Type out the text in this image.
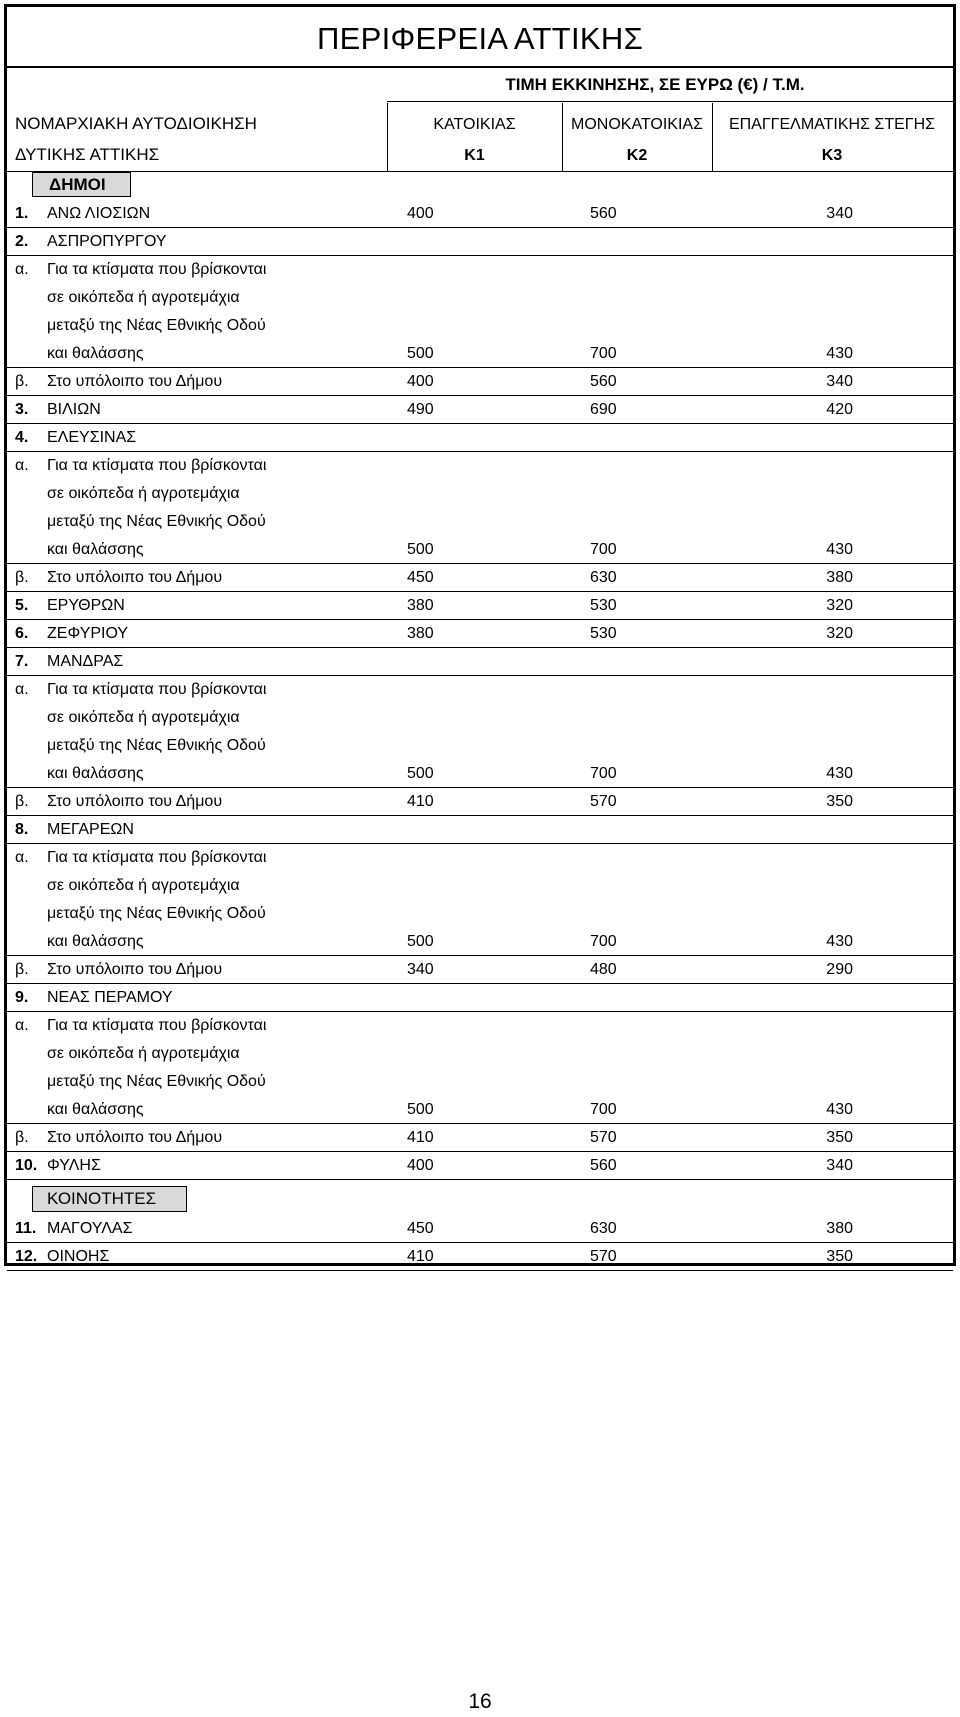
ΠΕΡΙΦΕΡΕΙΑ ΑΤΤΙΚΗΣ
ΤΙΜΗ ΕΚΚΙΝΗΣΗΣ, ΣΕ ΕΥΡΩ (€) / Τ.Μ.
ΝΟΜΑΡΧΙΑΚΗ ΑΥΤΟΔΙΟΙΚΗΣΗ
ΔΥΤΙΚΗΣ ΑΤΤΙΚΗΣ
ΚΑΤΟΙΚΙΑΣ	ΜΟΝΟΚΑΤΟΙΚΙΑΣ	ΕΠΑΓΓΕΛΜΑΤΙΚΗΣ ΣΤΕΓΗΣ
Κ1	Κ2	Κ3
ΔΗΜΟΙ
1.	ΑΝΩ ΛΙΟΣΙΩΝ	400	560	340
2.	ΑΣΠΡΟΠΥΡΓΟΥ
α.	Για τα κτίσματα που βρίσκονται
σε οικόπεδα ή αγροτεμάχια
μεταξύ της Νέας Εθνικής Οδού
και θαλάσσης	500	700	430
β.	Στο υπόλοιπο του Δήμου	400	560	340
3.	ΒΙΛΙΩΝ	490	690	420
4.	ΕΛΕΥΣΙΝΑΣ
α.	Για τα κτίσματα που βρίσκονται
σε οικόπεδα ή αγροτεμάχια
μεταξύ της Νέας Εθνικής Οδού
και θαλάσσης	500	700	430
β.	Στο υπόλοιπο του Δήμου	450	630	380
5.	ΕΡΥΘΡΩΝ	380	530	320
6.	ΖΕΦΥΡΙΟΥ	380	530	320
7.	ΜΑΝΔΡΑΣ
α.	Για τα κτίσματα που βρίσκονται
σε οικόπεδα ή αγροτεμάχια
μεταξύ της Νέας Εθνικής Οδού
και θαλάσσης	500	700	430
β.	Στο υπόλοιπο του Δήμου	410	570	350
8.	ΜΕΓΑΡΕΩΝ
α.	Για τα κτίσματα που βρίσκονται
σε οικόπεδα ή αγροτεμάχια
μεταξύ της Νέας Εθνικής Οδού
και θαλάσσης	500	700	430
β.	Στο υπόλοιπο του Δήμου	340	480	290
9.	ΝΕΑΣ ΠΕΡΑΜΟΥ
α.	Για τα κτίσματα που βρίσκονται
σε οικόπεδα ή αγροτεμάχια
μεταξύ της Νέας Εθνικής Οδού
και θαλάσσης	500	700	430
β.	Στο υπόλοιπο του Δήμου	410	570	350
10. ΦΥΛΗΣ	400	560	340
ΚΟΙΝΟΤΗΤΕΣ
11. ΜΑΓΟΥΛΑΣ	450	630	380
12. ΟΙΝΟΗΣ	410	570	350
16
